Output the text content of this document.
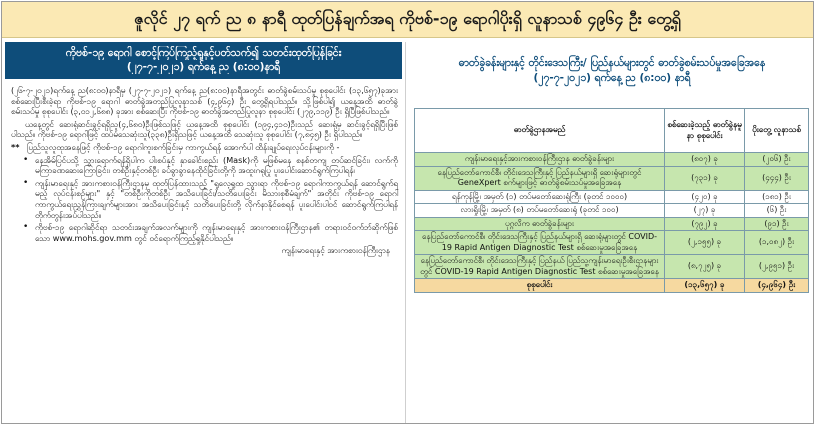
ဇူလိုင် ၂၇ ရက် ည ၈ နာရီ ထုတ်ပြန်ချက်အရ ကိုဗစ်-၁၉ ရောဂါပိုးရှိ လူနာသစ် ၄၉၆၄ ဦး တွေ့ရှိ
ကိုဗစ်-၁၉ ရောဂါ စောင့်ကြပ်ကြည့်ရှုနှင့်ပတ်သက်၍ သတင်းထုတ်ပြန်ခြင်း
(၂၇-၇-၂၀၂၁) ရက်နေ့ ည (၈:၀၀)နာရီ

(၂၆-၇-၂၀၂၁)ရက်နေ့ ည(၈:၀၀)နာရီမှ (၂၇-၇-၂၀၂၁) ရက်နေ့ ည(၈:၀၀)နာရီအတွင်း ဓာတ်ခွဲစမ်းသပ်မှု စုစုပေါင်း (၁၃,၆၅၇)ခုအား စစ်ဆေးပြီးစီးခဲ့ရာ ကိုဗစ်-၁၉ ရောဂါ ဓာတ်ခွဲအတည်ပြုလူနာသစ် (၄,၉၆၄) ဦး တွေ့ရှိရပါသည်။ သို့ဖြစ်ပါ၍ ယနေ့အထိ ဓာတ်ခွဲစမ်းသပ်မှု စုစုပေါင်း (၃,၀၁၂,၆၈၈) ခုအား စစ်ဆေးပြီး ကိုဗစ်-၁၉ ဓာတ်ခွဲအတည်ပြုလူနာ စုစုပေါင်း (၂၇၉,၁၁၉) ဦး ရှိပြီဖြစ်ပါသည်။

ယနေ့တွင် ဆေးရုံဆင်းခွင့်ရရှိသူ(၄,၆၈၀)ဦးဖြစ်သဖြင့် ယနေ့အထိ စုစုပေါင်း (၁၉၄,၄၁၀)ဦးသည် ဆေးရုံမှ ဆင်းခွင့်ရရှိပြီးဖြစ်ပါသည်။ ကိုဗစ်-၁၉ ရောဂါဖြင့် ထပ်မံသေဆုံးသူ(၃၃၈)ဦးရှိသဖြင့် ယနေ့အထိ သေဆုံးသူ စုစုပေါင်း (၇,၈၄၅) ဦး ရှိပါသည်။

** ပြည်သူလူထုအနေဖြင့် ကိုဗစ်-၁၉ ရောဂါကူးစက်ခြင်းမှ ကာကွယ်ရန် အောက်ပါ ထိန်းချုပ်ရေးလုပ်ငန်းများကို -
• နေအိမ်ပြင်ပသို့ သွားရောက်ရန်ရှိပါက ပါးစပ်နှင့် နှာခေါင်းစည်း (Mask)ကို မဖြစ်မနေ စနစ်တကျ တပ်ဆင်ခြင်း၊ လက်ကို မကြာခဏဆေးကြောခြင်း၊ တစ်ဦးနှင့်တစ်ဦး ခပ်ခွာခွာနေထိုင်ခြင်းတို့ကို အထူးဂရုပြု ပူးပေါင်းဆောင်ရွက်ကြပါရန်၊
• ကျန်းမာရေးနှင့် အားကစားဝန်ကြီးဌာနမှ ထုတ်ပြန်ထားသည့် "ရှုလေ့ရှုထ သွားရာ ကိုဗစ်-၁၉ ရောဂါကာကွယ်ရန် ဆောင်ရွက်ရမည့် လုပ်ငန်းစဉ်များ" နှင့် "တစ်ဦးကိုတစ်ဦး အသိပေးခြင်း/သတိပေးခြင်း မိသားစုစီမံချက်" အတိုင်း ကိုဗစ်-၁၉ ရောဂါ ကာကွယ်ရေးညွှန်ကြားချက်များအား အသိပေးခြင်းနှင့် သတိပေးခြင်းတို့ လိုက်နာနိုင်စေရန် ပူးပေါင်းပါဝင် ဆောင်ရွက်ကြပါရန် တိုက်တွန်းအပ်ပါသည်။
• ကိုဗစ်-၁၉ ရောဂါဆိုင်ရာ သတင်းအချက်အလက်များကို ကျန်းမာရေးနှင့် အားကစားဝန်ကြီးဌာန၏ တရားဝင်ဝက်ဘ်ဆိုက်ဖြစ်သော www.mohs.gov.mm တွင် ဝင်ရောက်ကြည့်ရှုနိုင်ပါသည်။
ကျန်းမာရေးနှင့် အားကစားဝန်ကြီးဌာန
ဓာတ်ခွဲခန်းများနှင့် တိုင်းဒေသကြီး/ ပြည်နယ်များတွင် ဓာတ်ခွဲစမ်းသပ်မှုအခြေအနေ
(၂၇-၇-၂၀၂၁) ရက်နေ့ ည (၈:၀၀) နာရီ
ဓာတ်ခွဲဌာနအမည်	စစ်ဆေးခဲ့သည့် ဓာတ်ခွဲနမူနာ စုစုပေါင်း	ပိုးတွေ့ လူနာသစ်
ကျန်းမာရေးနှင့်အားကစားဝန်ကြီးဌာန ဓာတ်ခွဲခန်းများ	(၈၀၇) ခု	(၂၀၆) ဦး
နေပြည်တော်ကောင်စီ၊ တိုင်းဒေသကြီးနှင့် ပြည်နယ်များရှိ ဆေးရုံများတွင် GeneXpert စက်များဖြင့် ဓာတ်ခွဲစမ်းသပ်မှုအခြေအနေ	(၇၃၁) ခု	(၄၄၄) ဦး
ရန်ကုန်မြို့၊ အမှတ် (၁) တပ်မတော်ဆေးရုံကြီး (ခုတင် ၁၀၀၀)	(၄၂၀) ခု	(၁၈၁) ဦး
လားရှိုးမြို့၊ အမှတ် (၈) တပ်မတော်ဆေးရုံ (ခုတင် ၁၀၀)	(၂၇) ခု	(၆) ဦး
ပုဂ္ဂလိက ဓာတ်ခွဲခန်းများ	(၇၉၂) ခု	(၉၁) ဦး
နေပြည်တော်ကောင်စီ၊ တိုင်းဒေသကြီးနှင့် ပြည်နယ်များရှိ ဆေးရုံများတွင် COVID-19 Rapid Antigen Diagnostic Test စစ်ဆေးမှုအခြေအနေ	(၂,၁၅၅) ခု	(၁,၀၈၂) ဦး
နေပြည်တော်ကောင်စီ၊ တိုင်းဒေသကြီးနှင့် ပြည်နယ် ပြည်သူ့ကျန်းမာရေးဦးစီးဌာနများတွင် COVID-19 Rapid Antigen Diagnostic Test စစ်ဆေးမှုအခြေအနေ	(၈,၇၂၅) ခု	(၂,၉၅၁) ဦး
စုစုပေါင်း	(၁၃,၆၅၇) ခု	(၄,၉၆၄) ဦး
